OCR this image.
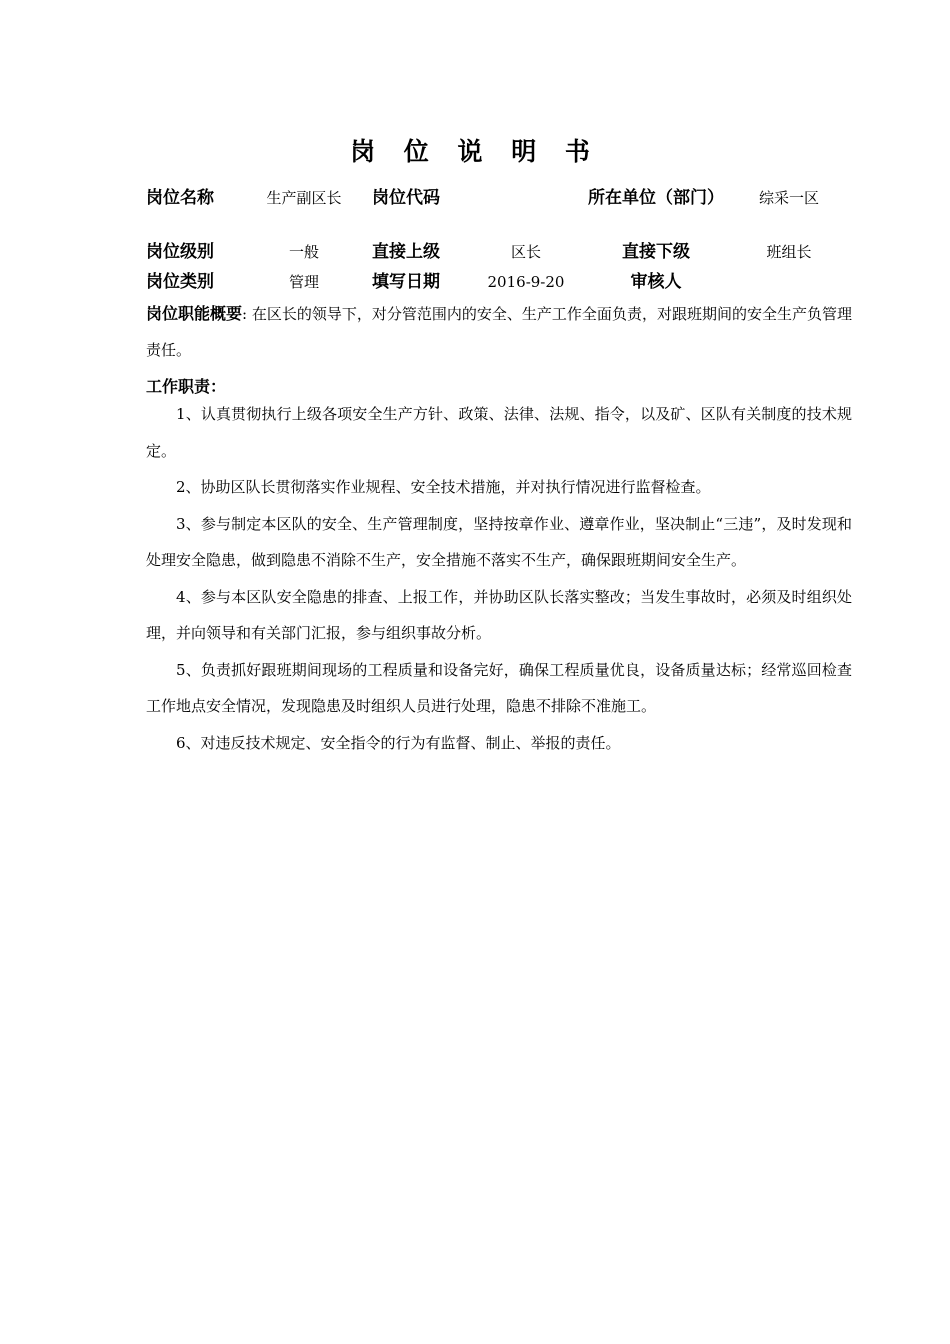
岗 位 说 明 书
岗位名称	生产副区长	岗位代码		所在单位（部门）	综采一区
岗位级别	一般	直接上级	区长	直接下级	班组长
岗位类别	管理	填写日期	2016-9-20	审核人	
岗位职能概要: 在区长的领导下，对分管范围内的安全、生产工作全面负责，对跟班期间的安全生产负管理责任。
工作职责：

1、认真贯彻执行上级各项安全生产方针、政策、法律、法规、指令，以及矿、区队有关制度的技术规定。

2、协助区队长贯彻落实作业规程、安全技术措施，并对执行情况进行监督检查。

3、参与制定本区队的安全、生产管理制度，坚持按章作业、遵章作业，坚决制止“三违”，及时发现和处理安全隐患，做到隐患不消除不生产，安全措施不落实不生产，确保跟班期间安全生产。

4、参与本区队安全隐患的排查、上报工作，并协助区队长落实整改；当发生事故时，必须及时组织处理，并向领导和有关部门汇报，参与组织事故分析。

5、负责抓好跟班期间现场的工程质量和设备完好，确保工程质量优良，设备质量达标；经常巡回检查工作地点安全情况，发现隐患及时组织人员进行处理，隐患不排除不准施工。

6、对违反技术规定、安全指令的行为有监督、制止、举报的责任。
